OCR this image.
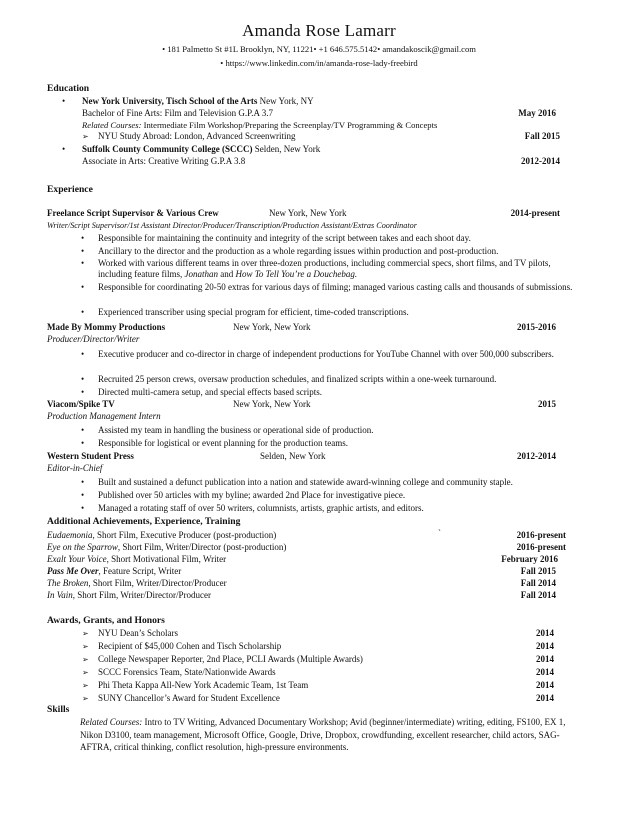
Amanda Rose Lamarr
• 181 Palmetto St #1L Brooklyn, NY, 11221• +1 646.575.5142• amandakoscik@gmail.com
• https://www.linkedin.com/in/amanda-rose-lady-freebird
Education
• New York University, Tisch School of the Arts New York, NY
Bachelor of Fine Arts: Film and Television G.P.A 3.7	May 2016
Related Courses: Intermediate Film Workshop/Preparing the Screenplay/TV Programming & Concepts
➢ NYU Study Abroad: London, Advanced Screenwriting	Fall 2015
• Suffolk County Community College (SCCC) Selden, New York
Associate in Arts: Creative Writing G.P.A 3.8	2012-2014
Experience
Freelance Script Supervisor & Various Crew	New York, New York	2014-present
Writer/Script Supervisor/1st Assistant Director/Producer/Transcription/Production Assistant/Extras Coordinator
• Responsible for maintaining the continuity and integrity of the script between takes and each shoot day.
• Ancillary to the director and the production as a whole regarding issues within production and post-production.
• Worked with various different teams in over three-dozen productions, including commercial specs, short films, and TV pilots, including feature films, Jonathan and How To Tell You’re a Douchebag.
• Responsible for coordinating 20-50 extras for various days of filming; managed various casting calls and thousands of submissions.
• Experienced transcriber using special program for efficient, time-coded transcriptions.
Made By Mommy Productions	New York, New York	2015-2016
Producer/Director/Writer
• Executive producer and co-director in charge of independent productions for YouTube Channel with over 500,000 subscribers.
• Recruited 25 person crews, oversaw production schedules, and finalized scripts within a one-week turnaround.
• Directed multi-camera setup, and special effects based scripts.
Viacom/Spike TV	New York, New York	2015
Production Management Intern
• Assisted my team in handling the business or operational side of production.
• Responsible for logistical or event planning for the production teams.
Western Student Press	Selden, New York	2012-2014
Editor-in-Chief
• Built and sustained a defunct publication into a nation and statewide award-winning college and community staple.
• Published over 50 articles with my byline; awarded 2nd Place for investigative piece.
• Managed a rotating staff of over 50 writers, columnists, artists, graphic artists, and editors.
Additional Achievements, Experience, Training
`
Eudaemonia, Short Film, Executive Producer (post-production)	2016-present
Eye on the Sparrow, Short Film, Writer/Director (post-production)	2016-present
Exalt Your Voice, Short Motivational Film, Writer	February 2016
Pass Me Over, Feature Script, Writer	Fall 2015
The Broken, Short Film, Writer/Director/Producer	Fall 2014
In Vain, Short Film, Writer/Director/Producer	Fall 2014
Awards, Grants, and Honors
➢ NYU Dean’s Scholars	2014
➢ Recipient of $45,000 Cohen and Tisch Scholarship	2014
➢ College Newspaper Reporter, 2nd Place, PCLI Awards (Multiple Awards)	2014
➢ SCCC Forensics Team, State/Nationwide Awards	2014
➢ Phi Theta Kappa All-New York Academic Team, 1st Team	2014
➢ SUNY Chancellor’s Award for Student Excellence	2014
Skills
Related Courses: Intro to TV Writing, Advanced Documentary Workshop; Avid (beginner/intermediate) writing, editing, FS100, EX 1, Nikon D3100, team management, Microsoft Office, Google, Drive, Dropbox, crowdfunding, excellent researcher, child actors, SAG-AFTRA, critical thinking, conflict resolution, high-pressure environments.
